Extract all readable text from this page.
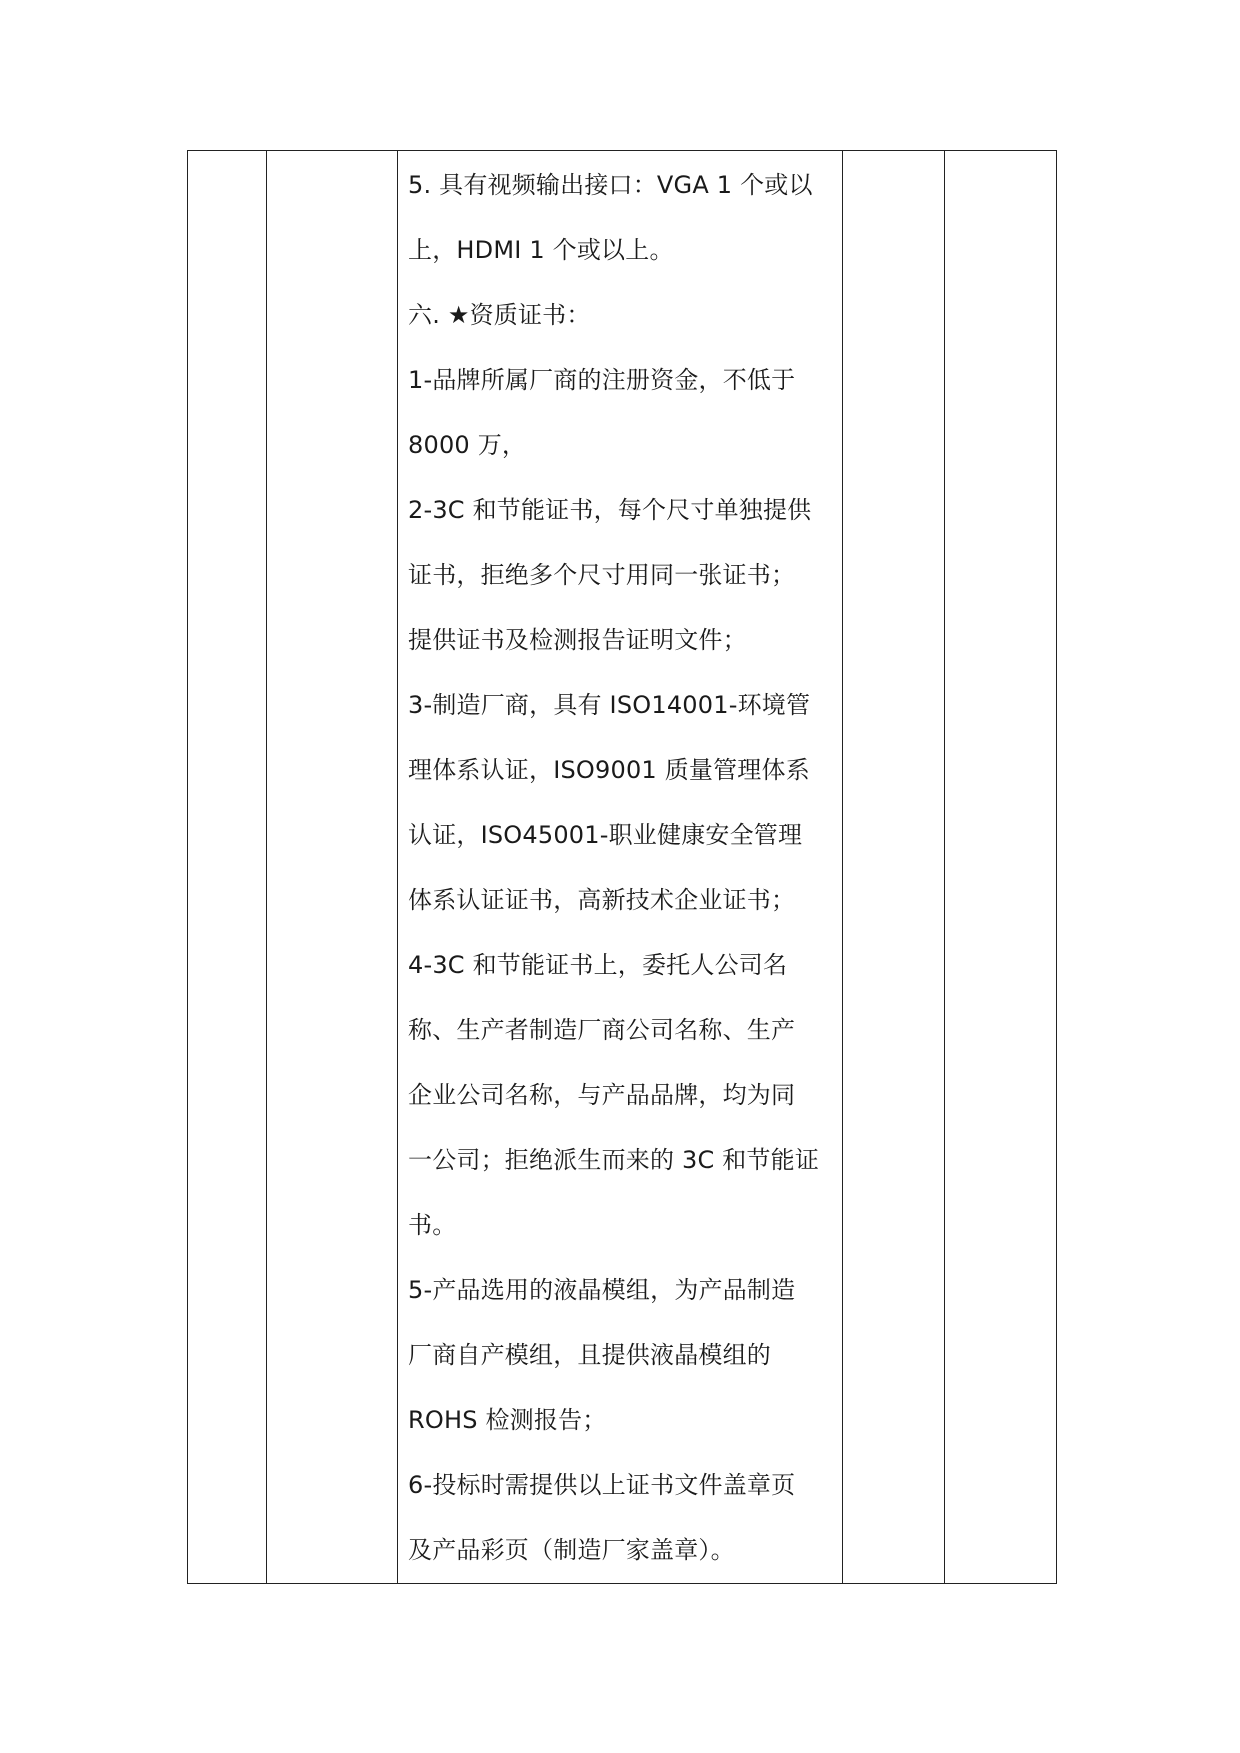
5. 具有视频输出接口：VGA 1 个或以
上，HDMI 1 个或以上。
六. ★资质证书：
1-品牌所属厂商的注册资金，不低于
8000 万，
2-3C 和节能证书，每个尺寸单独提供
证书，拒绝多个尺寸用同一张证书；
提供证书及检测报告证明文件；
3-制造厂商，具有 ISO14001-环境管
理体系认证，ISO9001 质量管理体系
认证，ISO45001-职业健康安全管理
体系认证证书，高新技术企业证书；
4-3C 和节能证书上，委托人公司名
称、生产者制造厂商公司名称、生产
企业公司名称，与产品品牌，均为同
一公司；拒绝派生而来的 3C 和节能证
书。
5-产品选用的液晶模组，为产品制造
厂商自产模组，且提供液晶模组的
ROHS 检测报告；
6-投标时需提供以上证书文件盖章页
及产品彩页（制造厂家盖章）。
